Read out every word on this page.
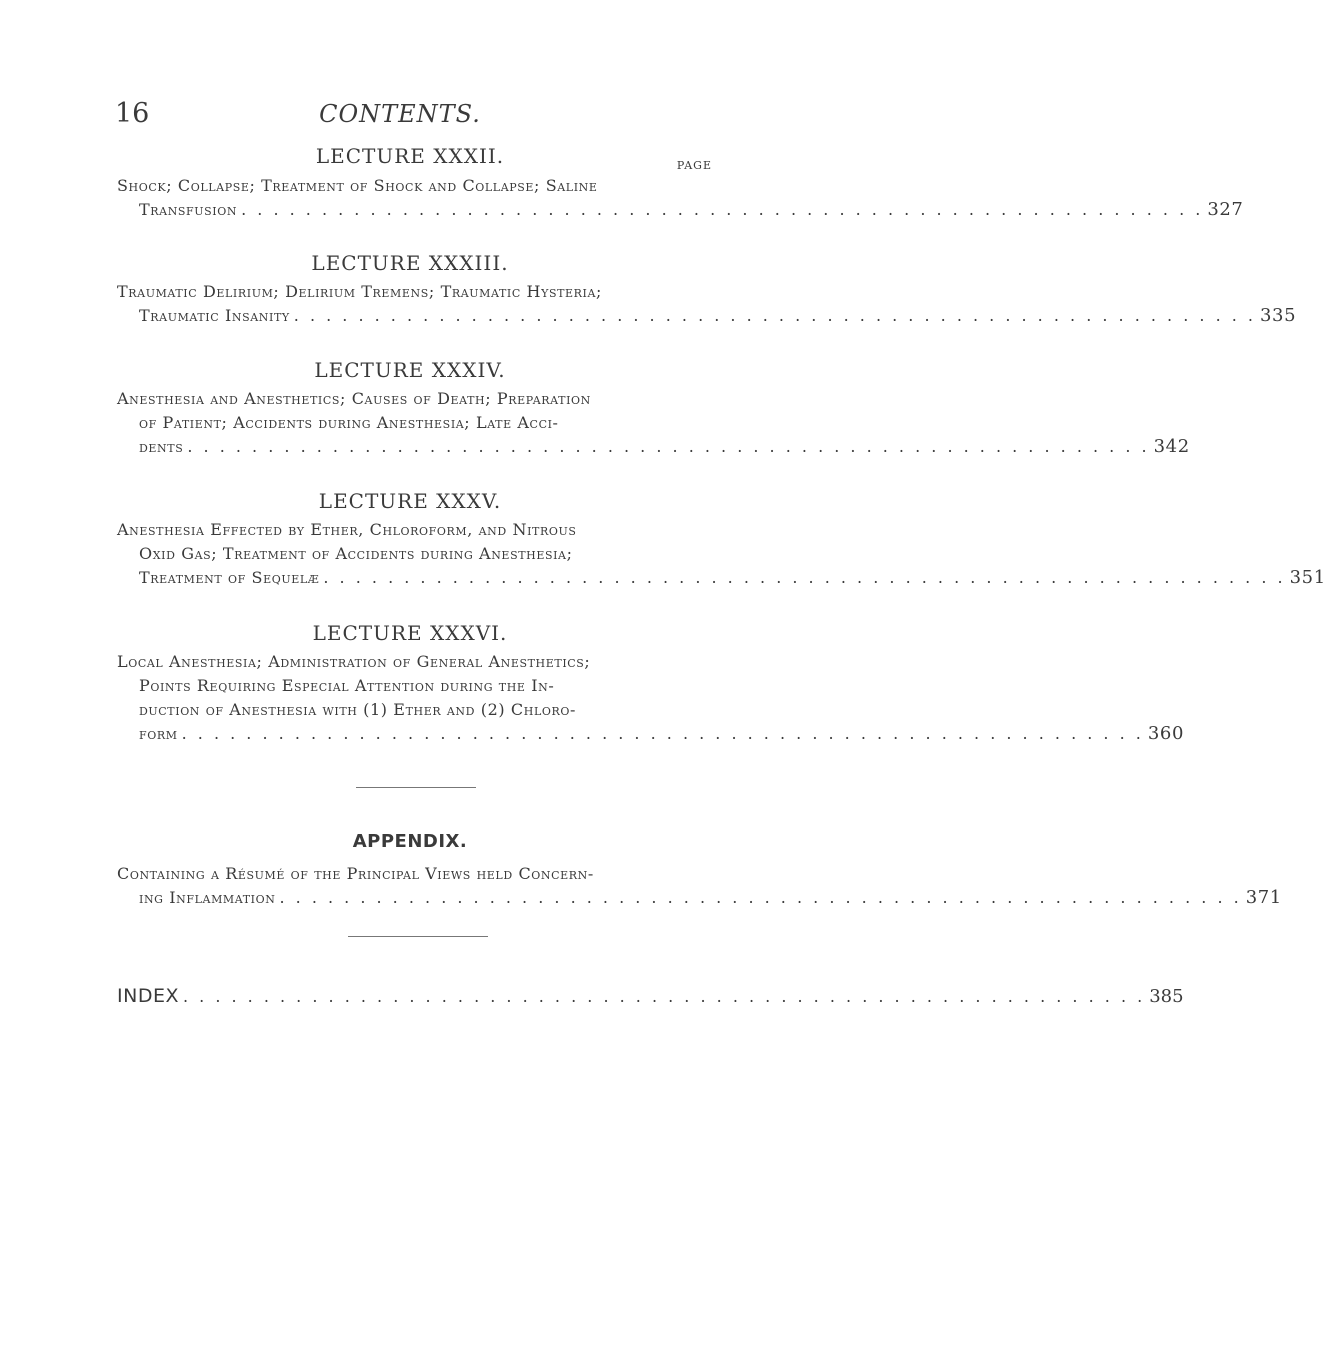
16	CONTENTS.
LECTURE XXXII.	PAGE
Shock; Collapse; Treatment of Shock and Collapse; Saline
Transfusion . . . . . . . . . . . . . . . . . . . . . . . . . . . . . . . . . . . . . . . . . . . . . . . . . . . . . . . . . . . . 327
LECTURE XXXIII.
Traumatic Delirium; Delirium Tremens; Traumatic Hysteria;
Traumatic Insanity . . . . . . . . . . . . . . . . . . . . . . . . . . . . . . . . . . . . . . . . . . . . . . . . . . . . . . . . . . . . 335
LECTURE XXXIV.
Anesthesia and Anesthetics; Causes of Death; Preparation
of Patient; Accidents during Anesthesia; Late Acci-
dents . . . . . . . . . . . . . . . . . . . . . . . . . . . . . . . . . . . . . . . . . . . . . . . . . . . . . . . . . . . . 342
LECTURE XXXV.
Anesthesia Effected by Ether, Chloroform, and Nitrous
Oxid Gas; Treatment of Accidents during Anesthesia;
Treatment of Sequelæ . . . . . . . . . . . . . . . . . . . . . . . . . . . . . . . . . . . . . . . . . . . . . . . . . . . . . . . . . . . . 351
LECTURE XXXVI.
Local Anesthesia; Administration of General Anesthetics;
Points Requiring Especial Attention during the In-
duction of Anesthesia with (1) Ether and (2) Chloro-
form . . . . . . . . . . . . . . . . . . . . . . . . . . . . . . . . . . . . . . . . . . . . . . . . . . . . . . . . . . . . 360
APPENDIX.
Containing a Résumé of the Principal Views held Concern-
ing Inflammation . . . . . . . . . . . . . . . . . . . . . . . . . . . . . . . . . . . . . . . . . . . . . . . . . . . . . . . . . . . . 371
INDEX . . . . . . . . . . . . . . . . . . . . . . . . . . . . . . . . . . . . . . . . . . . . . . . . . . . . . . . . . . . . 385
